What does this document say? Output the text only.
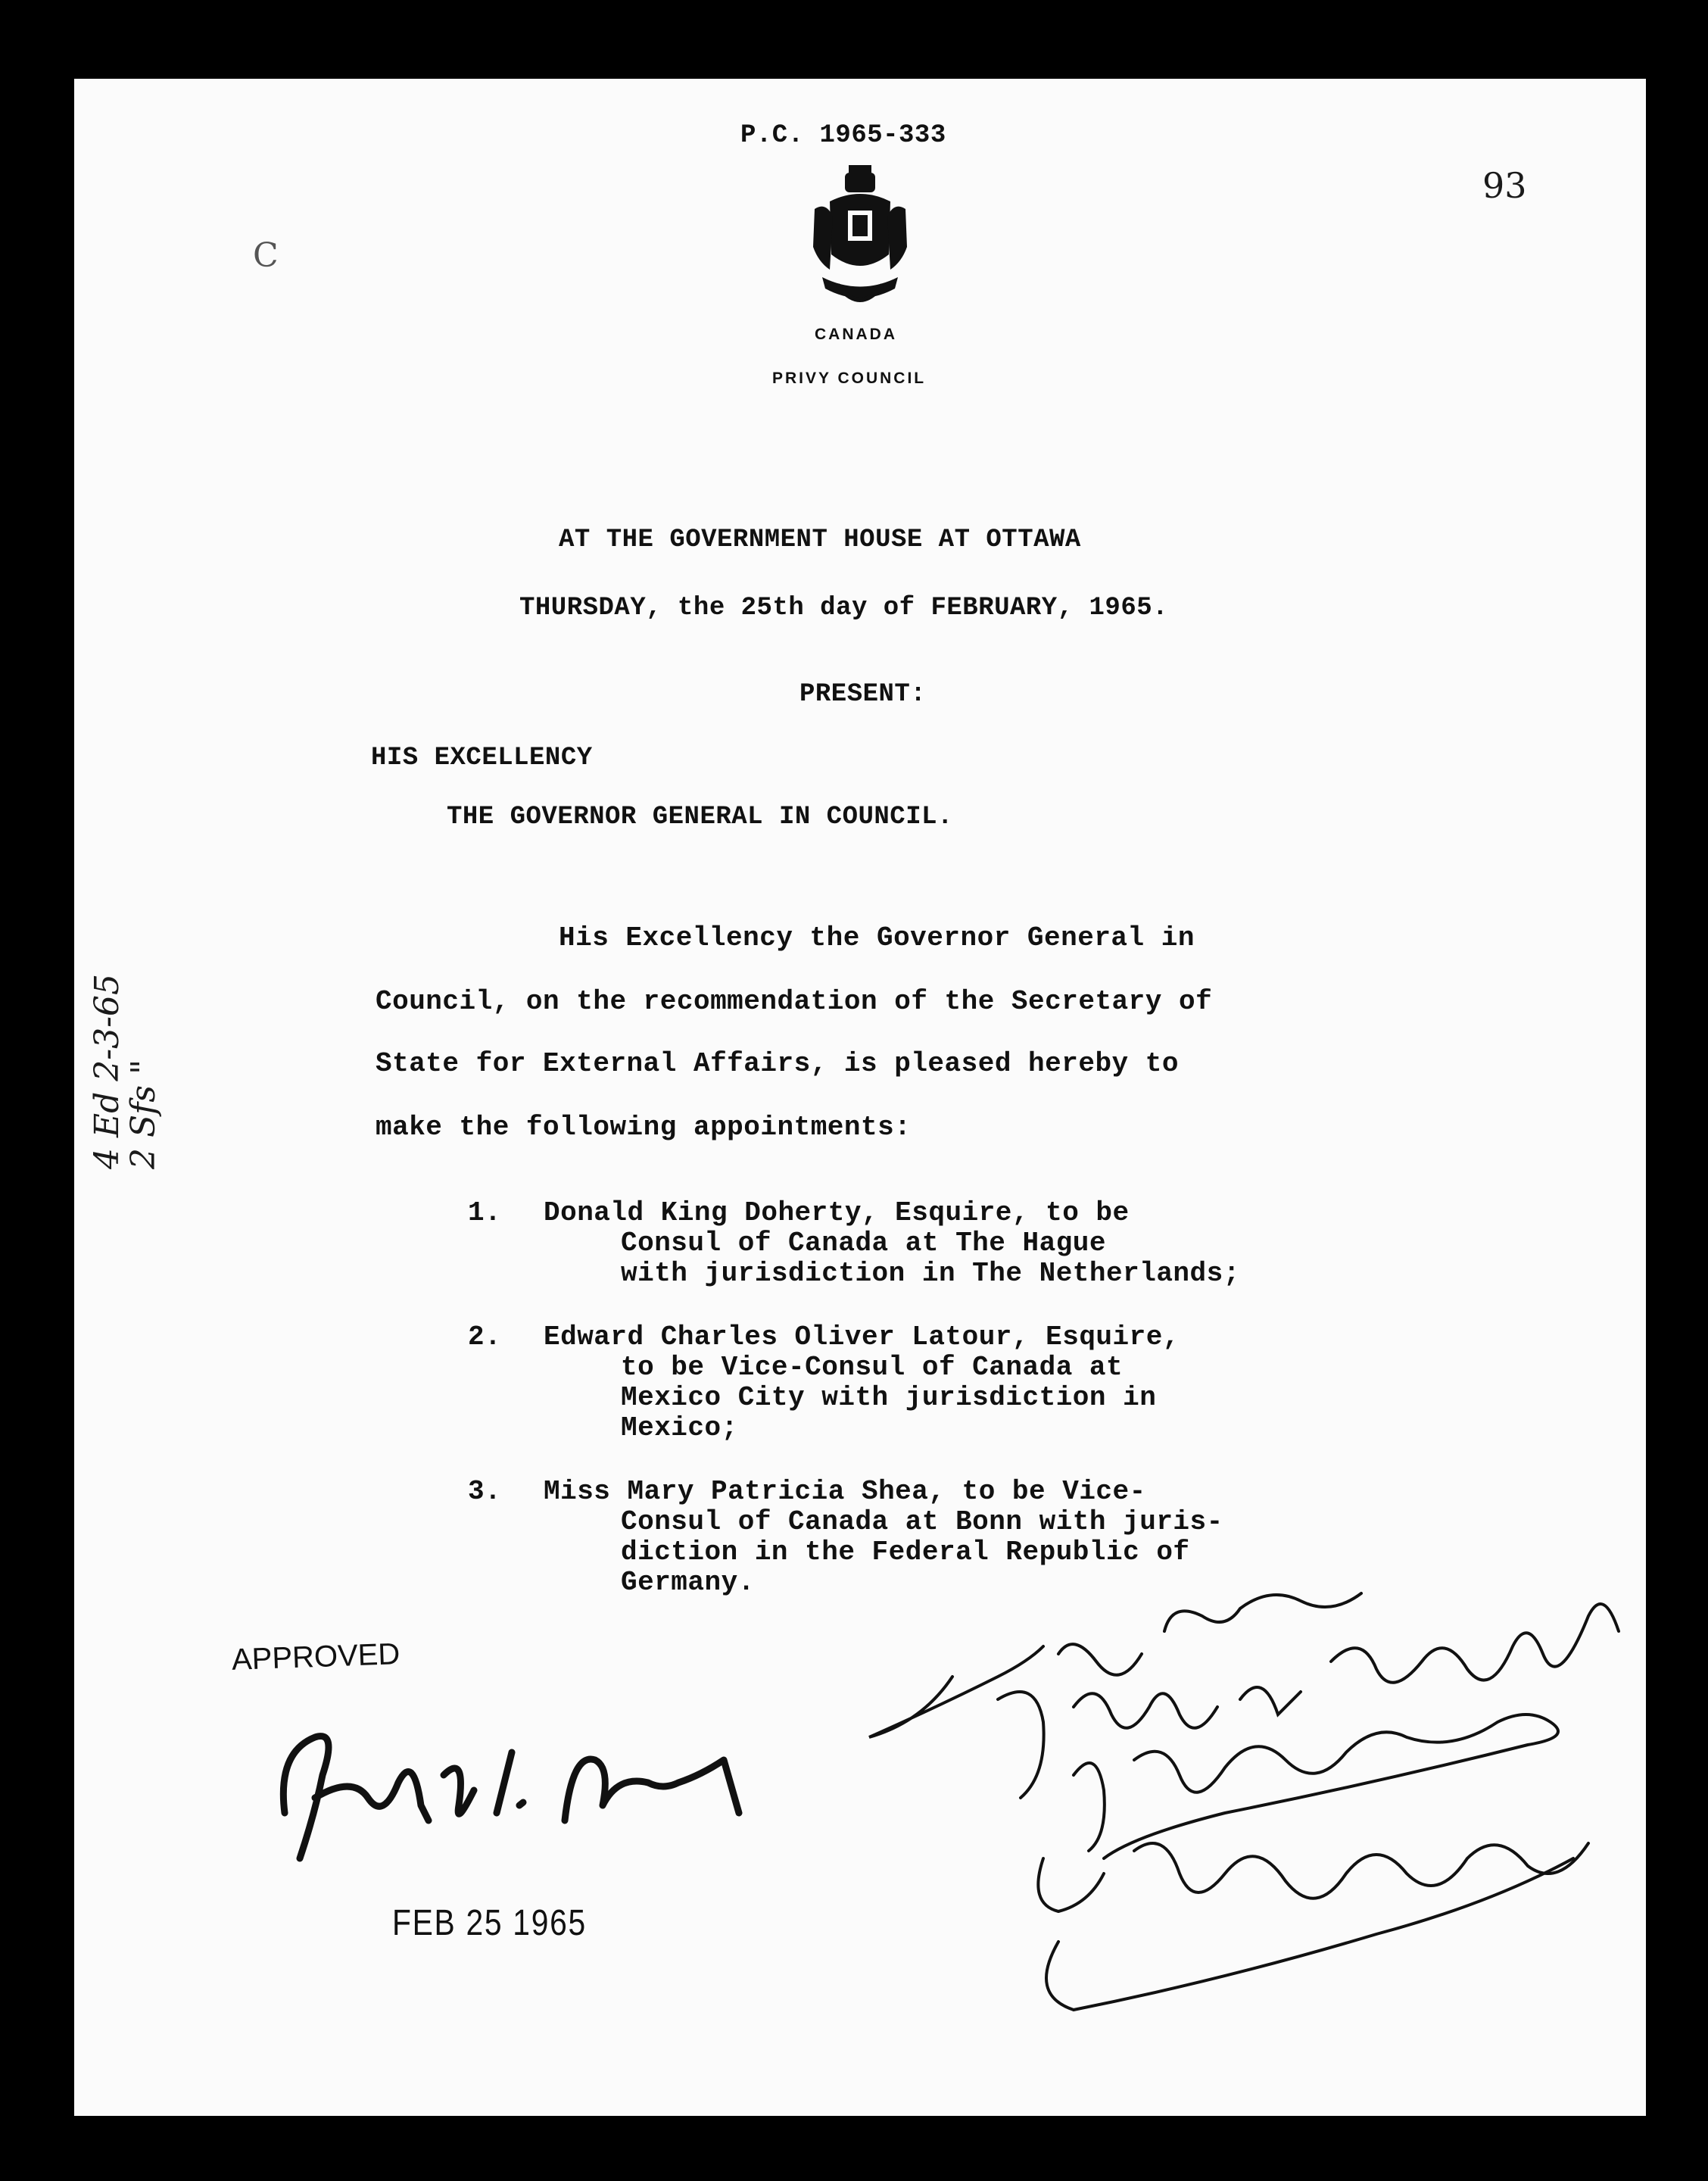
P.C. 1965-333
93
C
CANADA
PRIVY COUNCIL
AT THE GOVERNMENT HOUSE AT OTTAWA
THURSDAY, the 25th day of FEBRUARY, 1965.
PRESENT:
HIS EXCELLENCY
THE GOVERNOR GENERAL IN COUNCIL.
His Excellency the Governor General in
Council, on the recommendation of the Secretary of
State for External Affairs, is pleased hereby to
make the following appointments:
1. Donald King Doherty, Esquire, to be
Consul of Canada at The Hague
with jurisdiction in The Netherlands;
2. Edward Charles Oliver Latour, Esquire,
to be Vice-Consul of Canada at
Mexico City with jurisdiction in
Mexico;
3. Miss Mary Patricia Shea, to be Vice-
Consul of Canada at Bonn with juris-
diction in the Federal Republic of
Germany.
APPROVED
FEB 25 1965
4 Ed 2-3-65
2 Sfs "
